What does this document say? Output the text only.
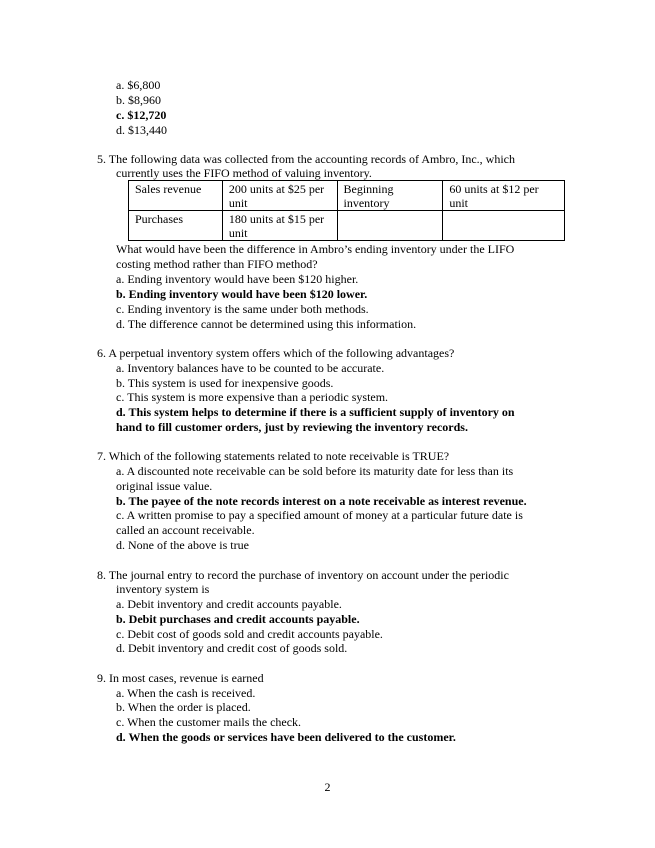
a. $6,800
b. $8,960
c. $12,720
d. $13,440
5. The following data was collected from the accounting records of Ambro, Inc., which
currently uses the FIFO method of valuing inventory.
Sales revenue	200 units at $25 per unit	Beginning inventory	60 units at $12 per unit
Purchases	180 units at $15 per unit		
What would have been the difference in Ambro’s ending inventory under the LIFO
costing method rather than FIFO method?
a. Ending inventory would have been $120 higher.
b. Ending inventory would have been $120 lower.
c. Ending inventory is the same under both methods.
d. The difference cannot be determined using this information.
6. A perpetual inventory system offers which of the following advantages?
a. Inventory balances have to be counted to be accurate.
b. This system is used for inexpensive goods.
c. This system is more expensive than a periodic system.
d. This system helps to determine if there is a sufficient supply of inventory on
hand to fill customer orders, just by reviewing the inventory records.
7. Which of the following statements related to note receivable is TRUE?
a. A discounted note receivable can be sold before its maturity date for less than its
original issue value.
b. The payee of the note records interest on a note receivable as interest revenue.
c. A written promise to pay a specified amount of money at a particular future date is
called an account receivable.
d. None of the above is true
8. The journal entry to record the purchase of inventory on account under the periodic
inventory system is
a. Debit inventory and credit accounts payable.
b. Debit purchases and credit accounts payable.
c. Debit cost of goods sold and credit accounts payable.
d. Debit inventory and credit cost of goods sold.
9. In most cases, revenue is earned
a. When the cash is received.
b. When the order is placed.
c. When the customer mails the check.
d. When the goods or services have been delivered to the customer.
2
